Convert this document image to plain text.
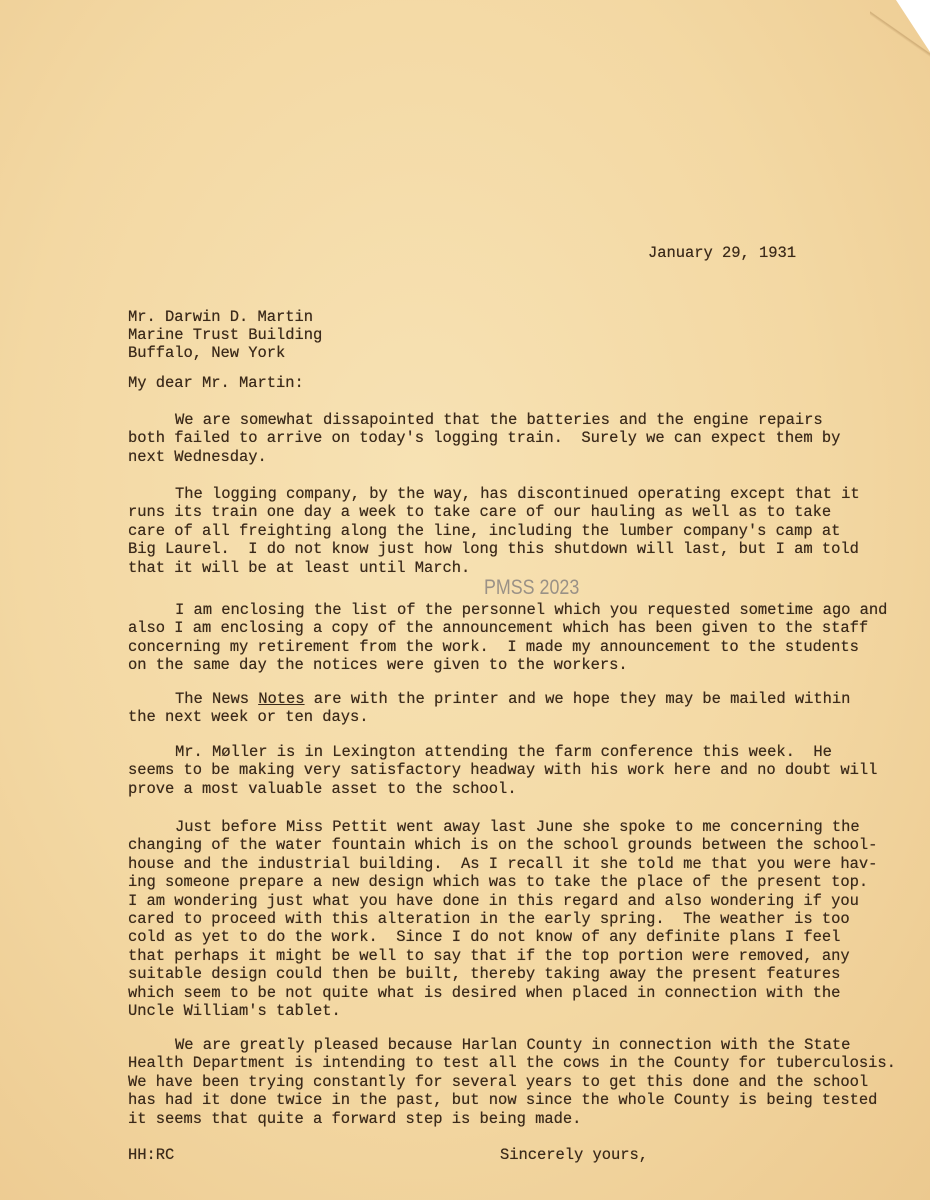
January 29, 1931
Mr. Darwin D. Martin
Marine Trust Building
Buffalo, New York
My dear Mr. Martin:
We are somewhat dissapointed that the batteries and the engine repairs
both failed to arrive on today's logging train.  Surely we can expect them by
next Wednesday.
The logging company, by the way, has discontinued operating except that it
runs its train one day a week to take care of our hauling as well as to take
care of all freighting along the line, including the lumber company's camp at
Big Laurel.  I do not know just how long this shutdown will last, but I am told
that it will be at least until March.
I am enclosing the list of the personnel which you requested sometime ago and
also I am enclosing a copy of the announcement which has been given to the staff
concerning my retirement from the work.  I made my announcement to the students
on the same day the notices were given to the workers.
The News Notes are with the printer and we hope they may be mailed within
the next week or ten days.
Mr. Møller is in Lexington attending the farm conference this week.  He
seems to be making very satisfactory headway with his work here and no doubt will
prove a most valuable asset to the school.
Just before Miss Pettit went away last June she spoke to me concerning the
changing of the water fountain which is on the school grounds between the school-
house and the industrial building.  As I recall it she told me that you were hav-
ing someone prepare a new design which was to take the place of the present top.
I am wondering just what you have done in this regard and also wondering if you
cared to proceed with this alteration in the early spring.  The weather is too
cold as yet to do the work.  Since I do not know of any definite plans I feel
that perhaps it might be well to say that if the top portion were removed, any
suitable design could then be built, thereby taking away the present features
which seem to be not quite what is desired when placed in connection with the
Uncle William's tablet.
We are greatly pleased because Harlan County in connection with the State
Health Department is intending to test all the cows in the County for tuberculosis.
We have been trying constantly for several years to get this done and the school
has had it done twice in the past, but now since the whole County is being tested
it seems that quite a forward step is being made.
PMSS 2023
HH:RC	Sincerely yours,
